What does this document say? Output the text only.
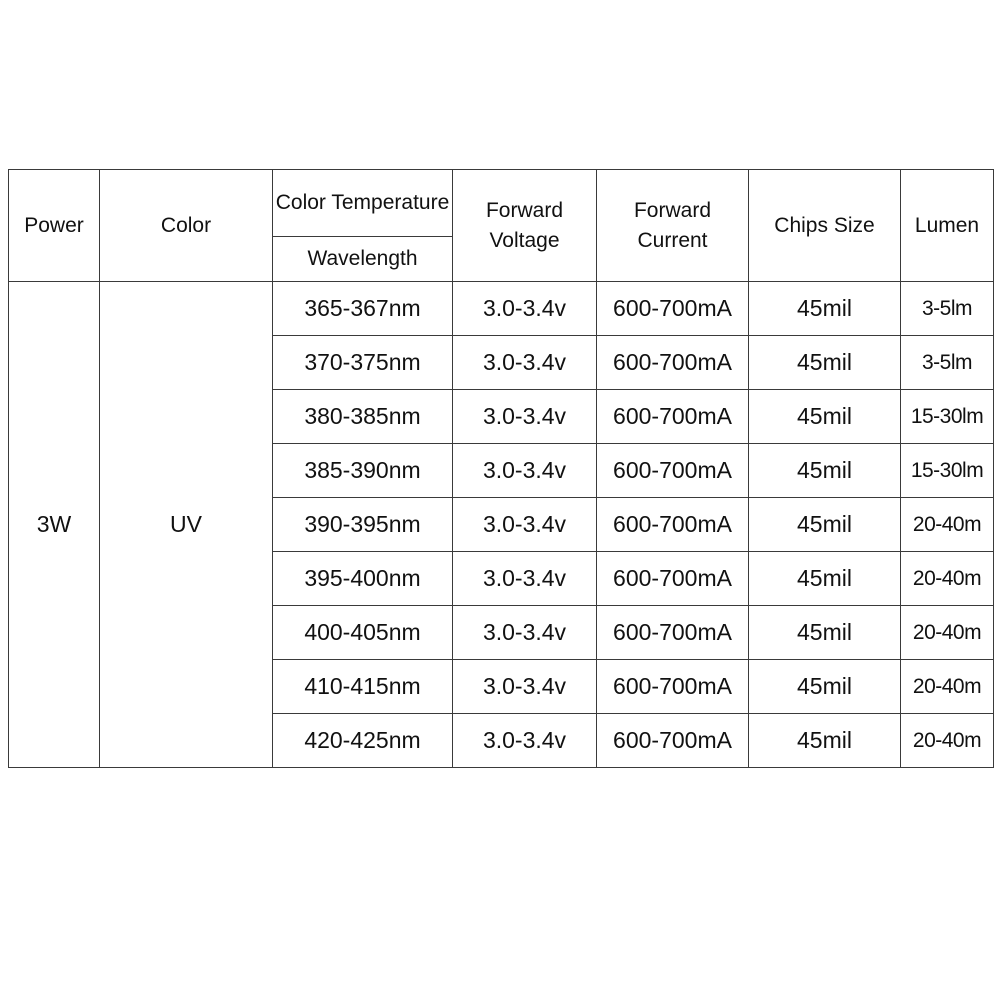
Power	Color	Color Temperature	Forward Voltage	Forward Current	Chips Size	Lumen
		Wavelength				
3W	UV	365-367nm	3.0-3.4v	600-700mA	45mil	3-5lm
		370-375nm	3.0-3.4v	600-700mA	45mil	3-5lm
		380-385nm	3.0-3.4v	600-700mA	45mil	15-30lm
		385-390nm	3.0-3.4v	600-700mA	45mil	15-30lm
		390-395nm	3.0-3.4v	600-700mA	45mil	20-40m
		395-400nm	3.0-3.4v	600-700mA	45mil	20-40m
		400-405nm	3.0-3.4v	600-700mA	45mil	20-40m
		410-415nm	3.0-3.4v	600-700mA	45mil	20-40m
		420-425nm	3.0-3.4v	600-700mA	45mil	20-40m
